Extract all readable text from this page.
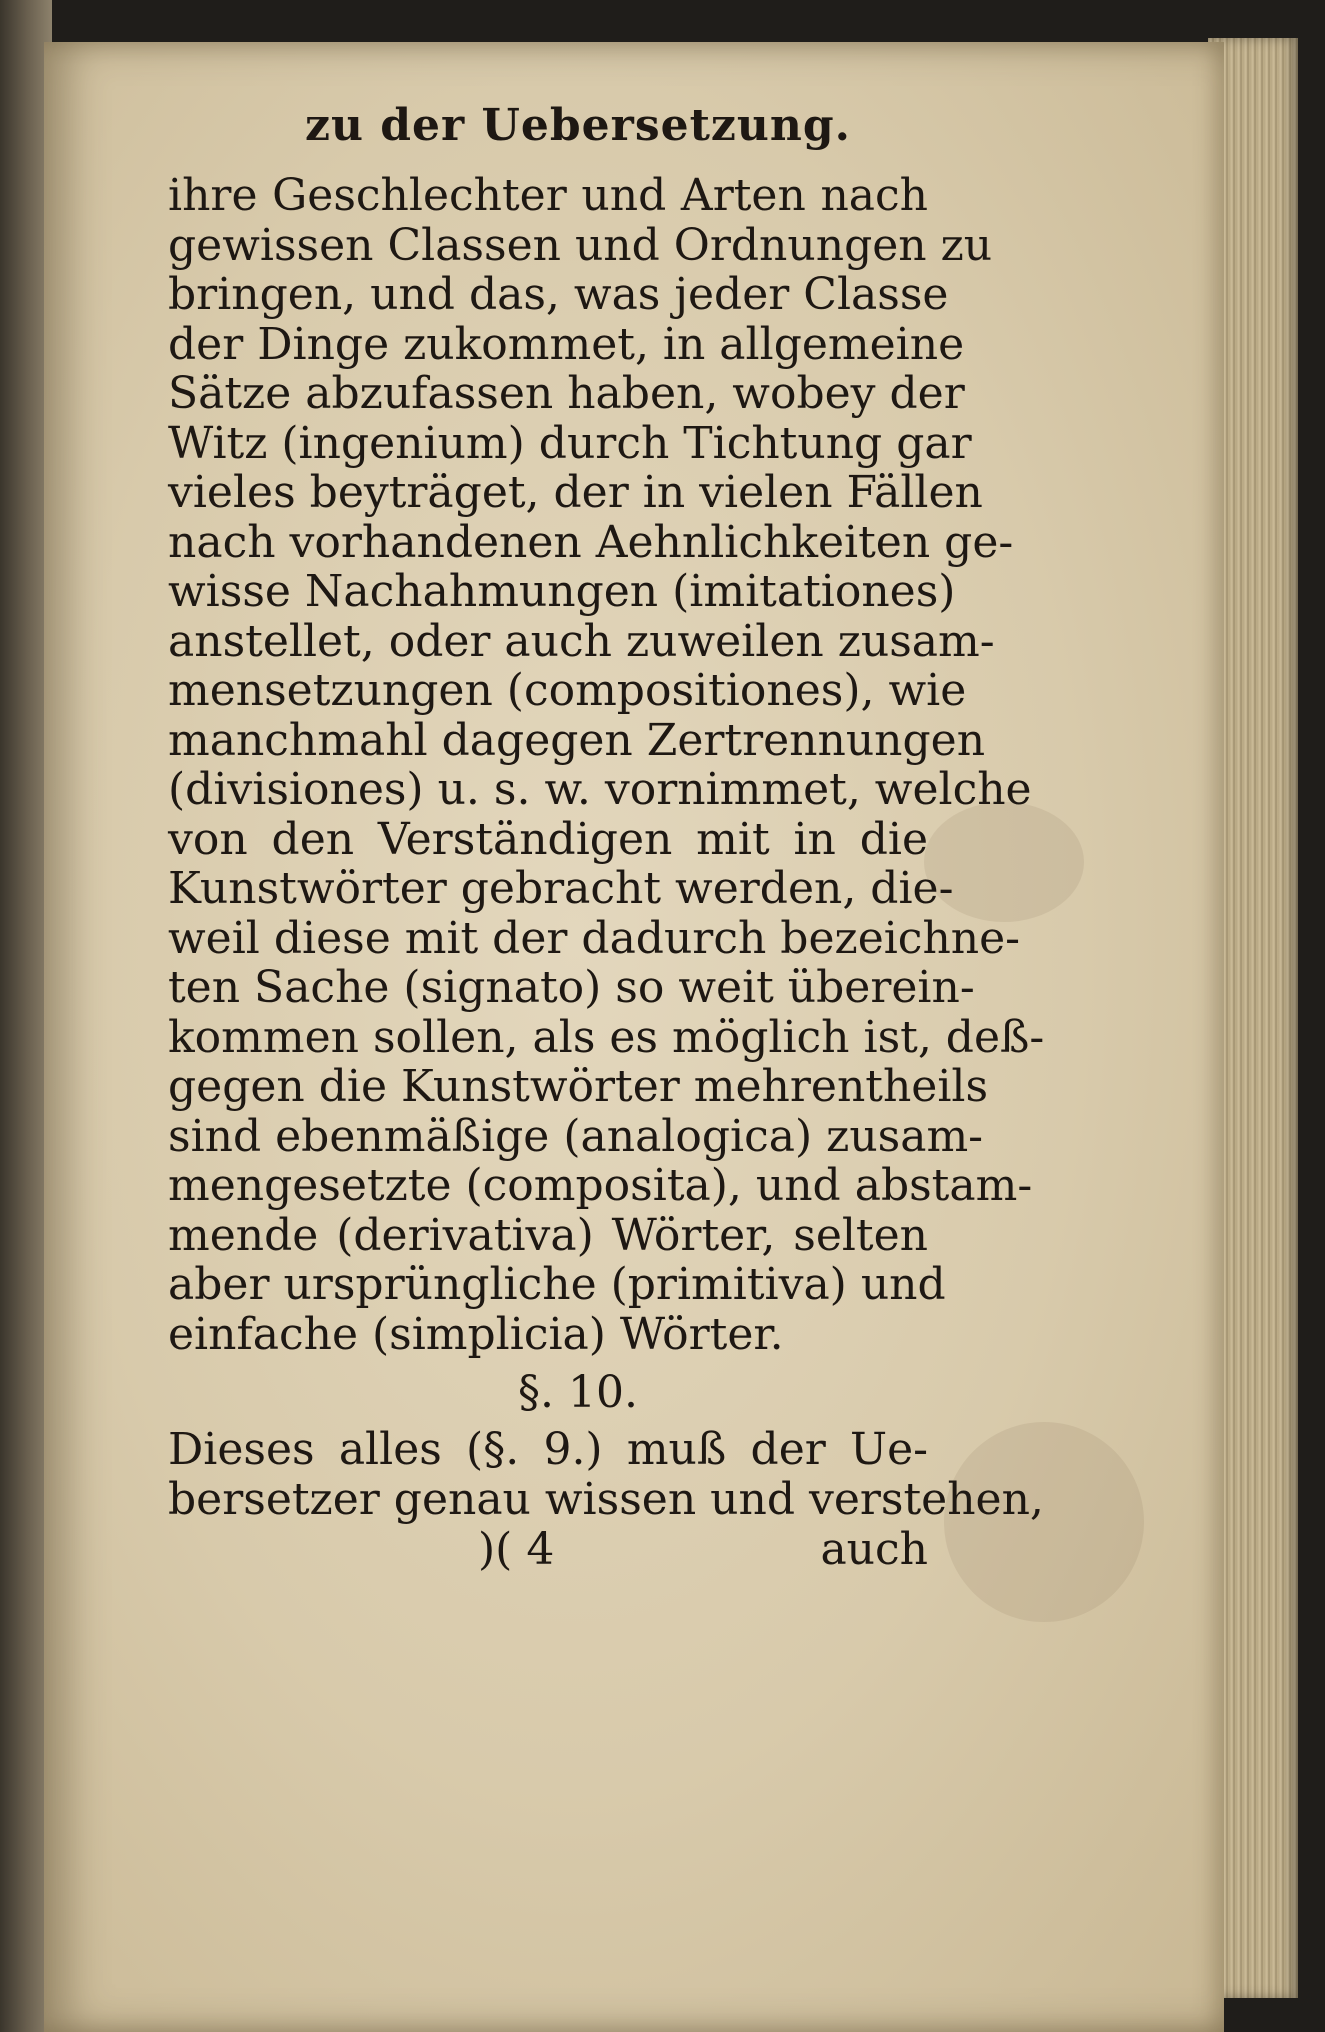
zu der Uebersetzung.
ihre Geschlechter und Arten nach
gewissen Classen und Ordnungen zu
bringen, und das, was jeder Classe
der Dinge zukommet, in allgemeine
Sätze abzufassen haben, wobey der
Witz (ingenium) durch Tichtung gar
vieles beyträget, der in vielen Fällen
nach vorhandenen Aehnlichkeiten ge-
wisse Nachahmungen (imitationes)
anstellet, oder auch zuweilen zusam-
mensetzungen (compositiones), wie
manchmahl dagegen Zertrennungen
(divisiones) u. s. w. vornimmet, welche
von den Verständigen mit in die
Kunstwörter gebracht werden, die-
weil diese mit der dadurch bezeichne-
ten Sache (signato) so weit überein-
kommen sollen, als es möglich ist, deß-
gegen die Kunstwörter mehrentheils
sind ebenmäßige (analogica) zusam-
mengesetzte (composita), und abstam-
mende (derivativa) Wörter, selten
aber ursprüngliche (primitiva) und
einfache (simplicia) Wörter.
§. 10.
Dieses alles (§. 9.) muß der Ue-
bersetzer genau wissen und verstehen,
)( 4	auch
